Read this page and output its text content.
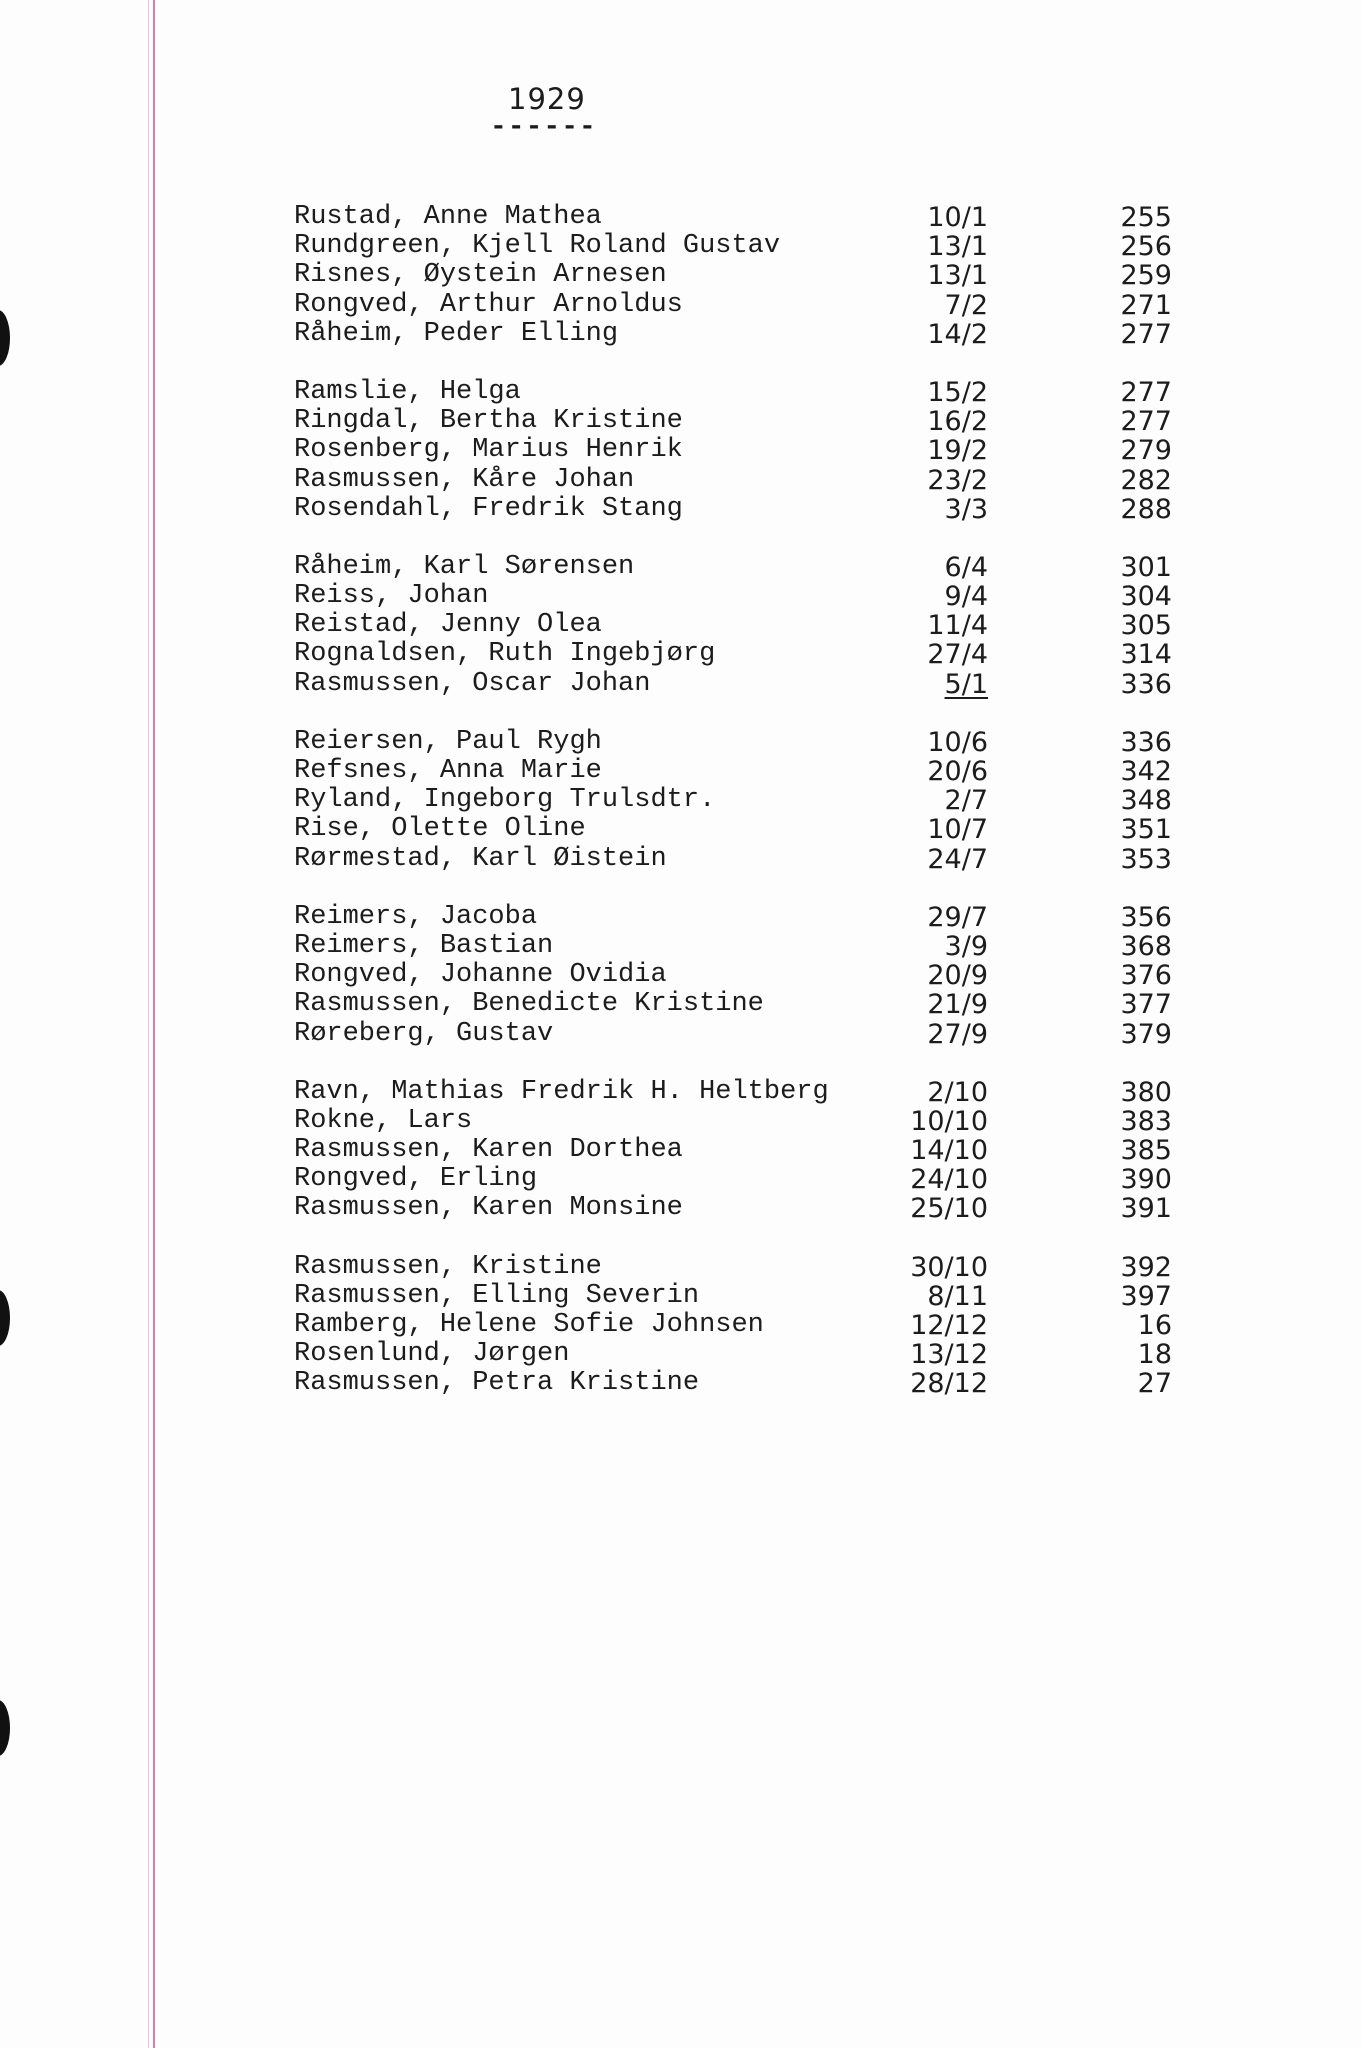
1929
------
Rustad, Anne Mathea	10/1	255
Rundgreen, Kjell Roland Gustav	13/1	256
Risnes, Øystein Arnesen	13/1	259
Rongved, Arthur Arnoldus	7/2	271
Råheim, Peder Elling	14/2	277
Ramslie, Helga	15/2	277
Ringdal, Bertha Kristine	16/2	277
Rosenberg, Marius Henrik	19/2	279
Rasmussen, Kåre Johan	23/2	282
Rosendahl, Fredrik Stang	3/3	288
Råheim, Karl Sørensen	6/4	301
Reiss, Johan	9/4	304
Reistad, Jenny Olea	11/4	305
Rognaldsen, Ruth Ingebjørg	27/4	314
Rasmussen, Oscar Johan	5/1	336
Reiersen, Paul Rygh	10/6	336
Refsnes, Anna Marie	20/6	342
Ryland, Ingeborg Trulsdtr.	2/7	348
Rise, Olette Oline	10/7	351
Rørmestad, Karl Øistein	24/7	353
Reimers, Jacoba	29/7	356
Reimers, Bastian	3/9	368
Rongved, Johanne Ovidia	20/9	376
Rasmussen, Benedicte Kristine	21/9	377
Røreberg, Gustav	27/9	379
Ravn, Mathias Fredrik H. Heltberg	2/10	380
Rokne, Lars	10/10	383
Rasmussen, Karen Dorthea	14/10	385
Rongved, Erling	24/10	390
Rasmussen, Karen Monsine	25/10	391
Rasmussen, Kristine	30/10	392
Rasmussen, Elling Severin	8/11	397
Ramberg, Helene Sofie Johnsen	12/12	16
Rosenlund, Jørgen	13/12	18
Rasmussen, Petra Kristine	28/12	27
